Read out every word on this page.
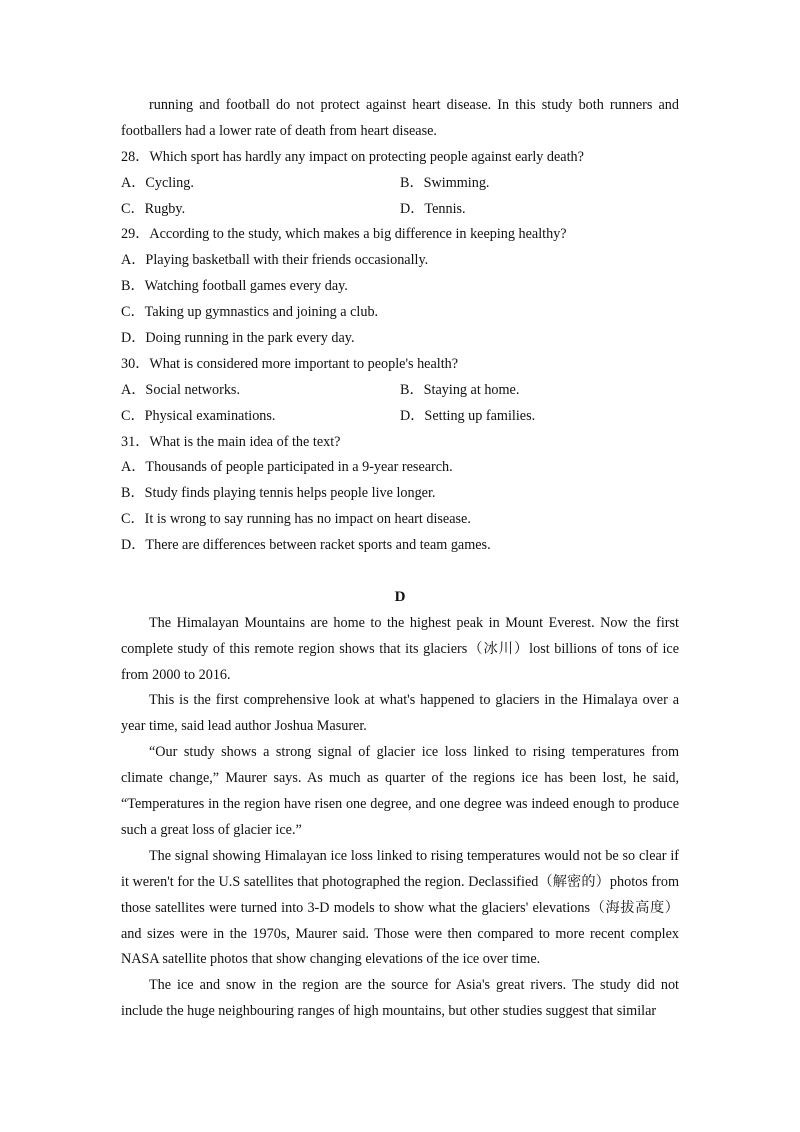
running and football do not protect against heart disease. In this study both runners and
footballers had a lower rate of death from heart disease.
28．Which sport has hardly any impact on protecting people against early death?
A．Cycling.	B．Swimming.
C．Rugby.	D．Tennis.
29．According to the study, which makes a big difference in keeping healthy?
A．Playing basketball with their friends occasionally.
B．Watching football games every day.
C．Taking up gymnastics and joining a club.
D．Doing running in the park every day.
30．What is considered more important to people's health?
A．Social networks.	B．Staying at home.
C．Physical examinations.	D．Setting up families.
31．What is the main idea of the text?
A．Thousands of people participated in a 9-year research.
B．Study finds playing tennis helps people live longer.
C．It is wrong to say running has no impact on heart disease.
D．There are differences between racket sports and team games.
D
The Himalayan Mountains are home to the highest peak in Mount Everest. Now the first
complete study of this remote region shows that its glaciers（冰川）lost billions of tons of ice
from 2000 to 2016.
This is the first comprehensive look at what's happened to glaciers in the Himalaya over a
year time, said lead author Joshua Masurer.
“Our study shows a strong signal of glacier ice loss linked to rising temperatures from
climate change,” Maurer says. As much as quarter of the regions ice has been lost, he said,
“Temperatures in the region have risen one degree, and one degree was indeed enough to produce
such a great loss of glacier ice.”
The signal showing Himalayan ice loss linked to rising temperatures would not be so clear if
it weren't for the U.S satellites that photographed the region. Declassified（解密的）photos from
those satellites were turned into 3-D models to show what the glaciers' elevations（海拔高度）
and sizes were in the 1970s, Maurer said. Those were then compared to more recent complex
NASA satellite photos that show changing elevations of the ice over time.
The ice and snow in the region are the source for Asia's great rivers. The study did not
include the huge neighbouring ranges of high mountains, but other studies suggest that similar
